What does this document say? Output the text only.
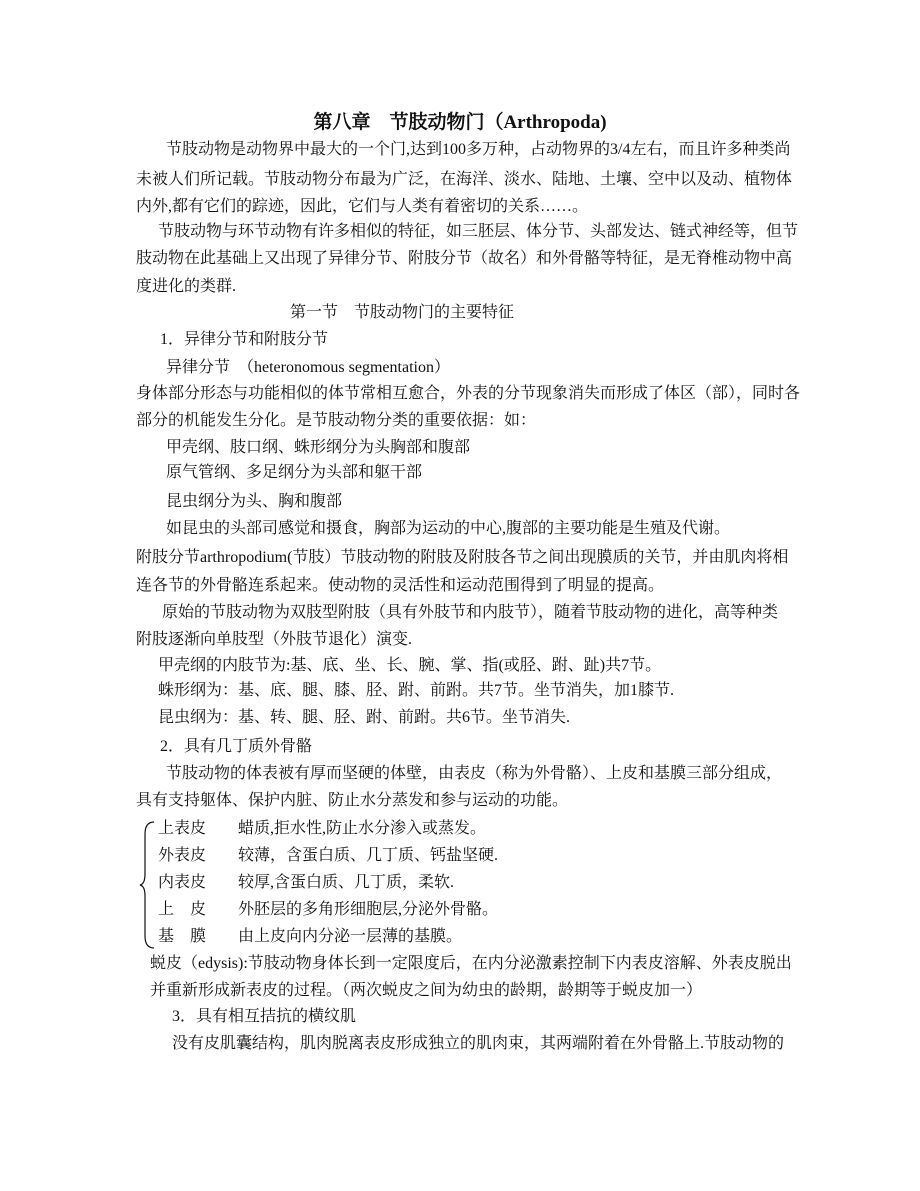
第八章　节肢动物门（Arthropoda)
节肢动物是动物界中最大的一个门,达到100多万种，占动物界的3/4左右，而且许多种类尚
未被人们所记载。节肢动物分布最为广泛，在海洋、淡水、陆地、土壤、空中以及动、植物体
内外,都有它们的踪迹，因此，它们与人类有着密切的关系……。
节肢动物与环节动物有许多相似的特征，如三胚层、体分节、头部发达、链式神经等，但节
肢动物在此基础上又出现了异律分节、附肢分节（故名）和外骨骼等特征，是无脊椎动物中高
度进化的类群.
第一节　节肢动物门的主要特征
1．异律分节和附肢分节
异律分节　（heteronomous segmentation）
身体部分形态与功能相似的体节常相互愈合，外表的分节现象消失而形成了体区（部），同时各
部分的机能发生分化。是节肢动物分类的重要依据：如：
甲壳纲、肢口纲、蛛形纲分为头胸部和腹部
原气管纲、多足纲分为头部和躯干部
昆虫纲分为头、胸和腹部
如昆虫的头部司感觉和摄食，胸部为运动的中心,腹部的主要功能是生殖及代谢。
附肢分节arthropodium(节肢）节肢动物的附肢及附肢各节之间出现膜质的关节，并由肌肉将相
连各节的外骨骼连系起来。使动物的灵活性和运动范围得到了明显的提高。
原始的节肢动物为双肢型附肢（具有外肢节和内肢节），随着节肢动物的进化，高等种类
附肢逐渐向单肢型（外肢节退化）演变.
甲壳纲的内肢节为:基、底、坐、长、腕、掌、指(或胫、跗、趾)共7节。
蛛形纲为：基、底、腿、膝、胫、跗、前跗。共7节。坐节消失，加1膝节.
昆虫纲为：基、转、腿、胫、跗、前跗。共6节。坐节消失.
2．具有几丁质外骨骼
节肢动物的体表被有厚而坚硬的体壁，由表皮（称为外骨骼）、上皮和基膜三部分组成，
具有支持躯体、保护内脏、防止水分蒸发和参与运动的功能。
上表皮 蜡质,拒水性,防止水分渗入或蒸发。
外表皮 较薄，含蛋白质、几丁质、钙盐坚硬.
内表皮 较厚,含蛋白质、几丁质，柔软.
上　皮 外胚层的多角形细胞层,分泌外骨骼。
基　膜 由上皮向内分泌一层薄的基膜。
蜕皮（edysis):节肢动物身体长到一定限度后，在内分泌激素控制下内表皮溶解、外表皮脱出
并重新形成新表皮的过程。（两次蜕皮之间为幼虫的龄期，龄期等于蜕皮加一）
3．具有相互拮抗的横纹肌
没有皮肌囊结构，肌肉脱离表皮形成独立的肌肉束，其两端附着在外骨骼上.节肢动物的
